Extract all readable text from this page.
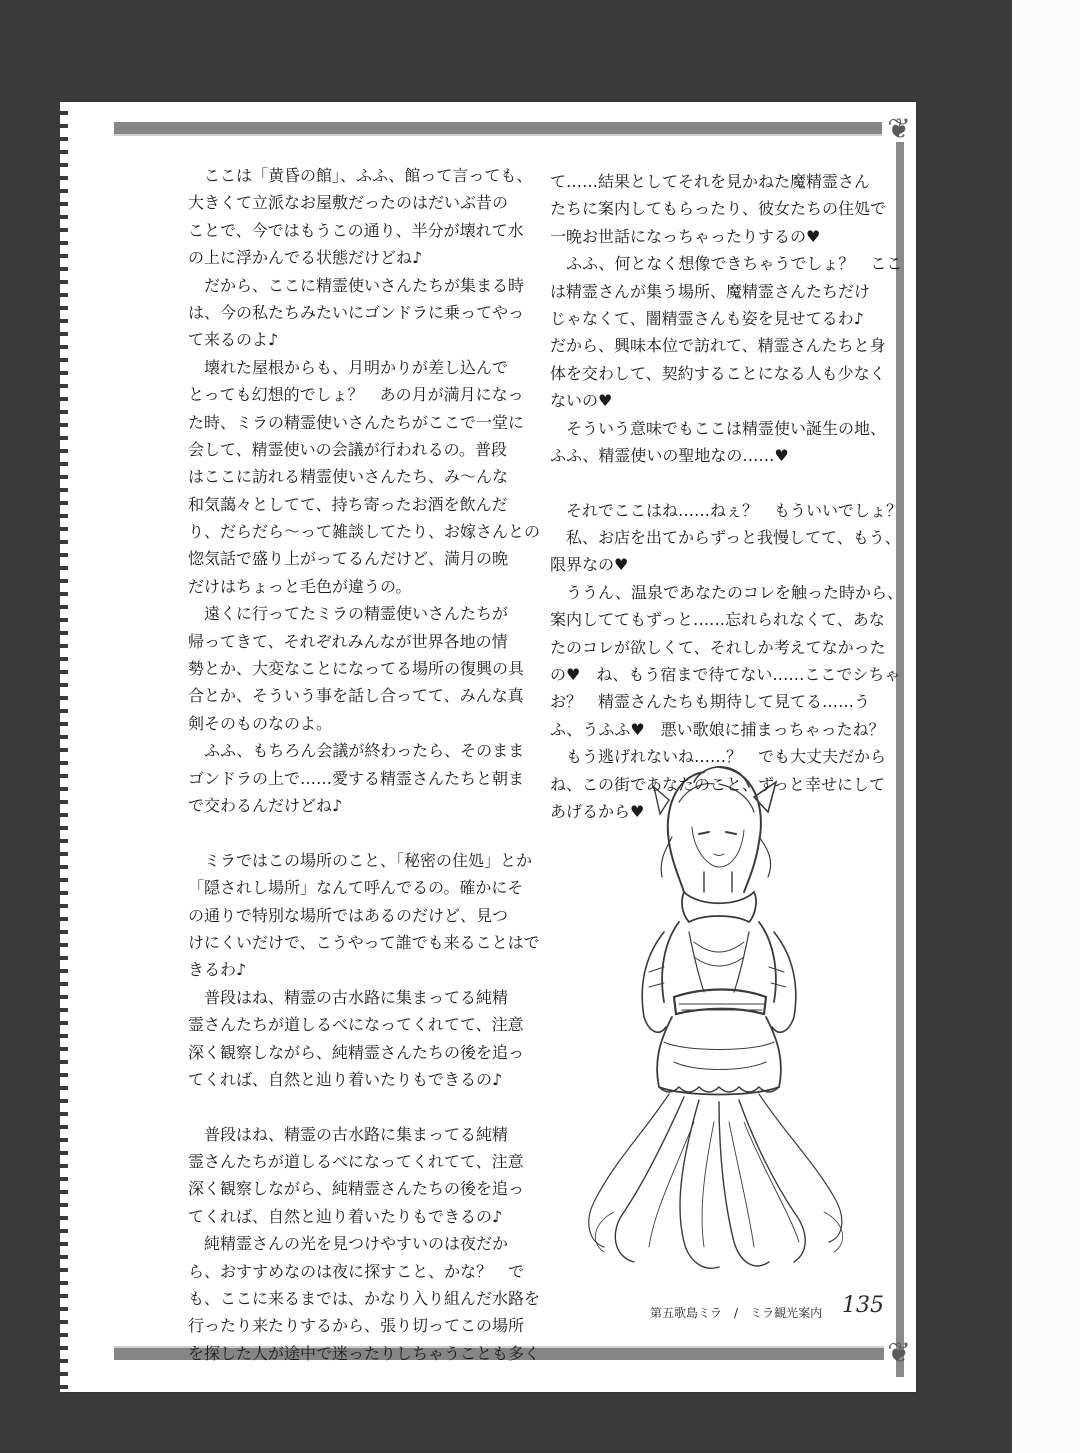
❦
❦
　ここは「黄昏の館」、ふふ、館って言っても、
大きくて立派なお屋敷だったのはだいぶ昔の
ことで、今ではもうこの通り、半分が壊れて水
の上に浮かんでる状態だけどね♪
　だから、ここに精霊使いさんたちが集まる時
は、今の私たちみたいにゴンドラに乗ってやっ
て来るのよ♪
　壊れた屋根からも、月明かりが差し込んで
とっても幻想的でしょ？　あの月が満月になっ
た時、ミラの精霊使いさんたちがここで一堂に
会して、精霊使いの会議が行われるの。普段
はここに訪れる精霊使いさんたち、み～んな
和気藹々としてて、持ち寄ったお酒を飲んだ
り、だらだら～って雑談してたり、お嫁さんとの
惚気話で盛り上がってるんだけど、満月の晩
だけはちょっと毛色が違うの。
　遠くに行ってたミラの精霊使いさんたちが
帰ってきて、それぞれみんなが世界各地の情
勢とか、大変なことになってる場所の復興の具
合とか、そういう事を話し合ってて、みんな真
剣そのものなのよ。
　ふふ、もちろん会議が終わったら、そのまま
ゴンドラの上で……愛する精霊さんたちと朝ま
で交わるんだけどね♪
　ミラではこの場所のこと、「秘密の住処」とか
「隠されし場所」なんて呼んでるの。確かにそ
の通りで特別な場所ではあるのだけど、見つ
けにくいだけで、こうやって誰でも来ることはで
きるわ♪
　普段はね、精霊の古水路に集まってる純精
霊さんたちが道しるべになってくれてて、注意
深く観察しながら、純精霊さんたちの後を追っ
てくれば、自然と辿り着いたりもできるの♪
　普段はね、精霊の古水路に集まってる純精
霊さんたちが道しるべになってくれてて、注意
深く観察しながら、純精霊さんたちの後を追っ
てくれば、自然と辿り着いたりもできるの♪
　純精霊さんの光を見つけやすいのは夜だか
ら、おすすめなのは夜に探すこと、かな？　で
も、ここに来るまでは、かなり入り組んだ水路を
行ったり来たりするから、張り切ってこの場所
を探した人が途中で迷ったりしちゃうことも多く
て……結果としてそれを見かねた魔精霊さん
たちに案内してもらったり、彼女たちの住処で
一晩お世話になっちゃったりするの♥
　ふふ、何となく想像できちゃうでしょ？　ここ
は精霊さんが集う場所、魔精霊さんたちだけ
じゃなくて、闇精霊さんも姿を見せてるわ♪
だから、興味本位で訪れて、精霊さんたちと身
体を交わして、契約することになる人も少なく
ないの♥
　そういう意味でもここは精霊使い誕生の地、
ふふ、精霊使いの聖地なの……♥
　それでここはね……ねぇ？　もういいでしょ？
　私、お店を出てからずっと我慢してて、もう、
限界なの♥
　ううん、温泉であなたのコレを触った時から、
案内しててもずっと……忘れられなくて、あな
たのコレが欲しくて、それしか考えてなかった
の♥　ね、もう宿まで待てない……ここでシちゃ
お？　精霊さんたちも期待して見てる……う
ふ、うふふ♥　悪い歌娘に捕まっちゃったね？
　もう逃げれないね……？　でも大丈夫だから
ね、この街であなたのこと、ずっと幸せにして
あげるから♥
第五歌島ミラ / ミラ観光案内 135
